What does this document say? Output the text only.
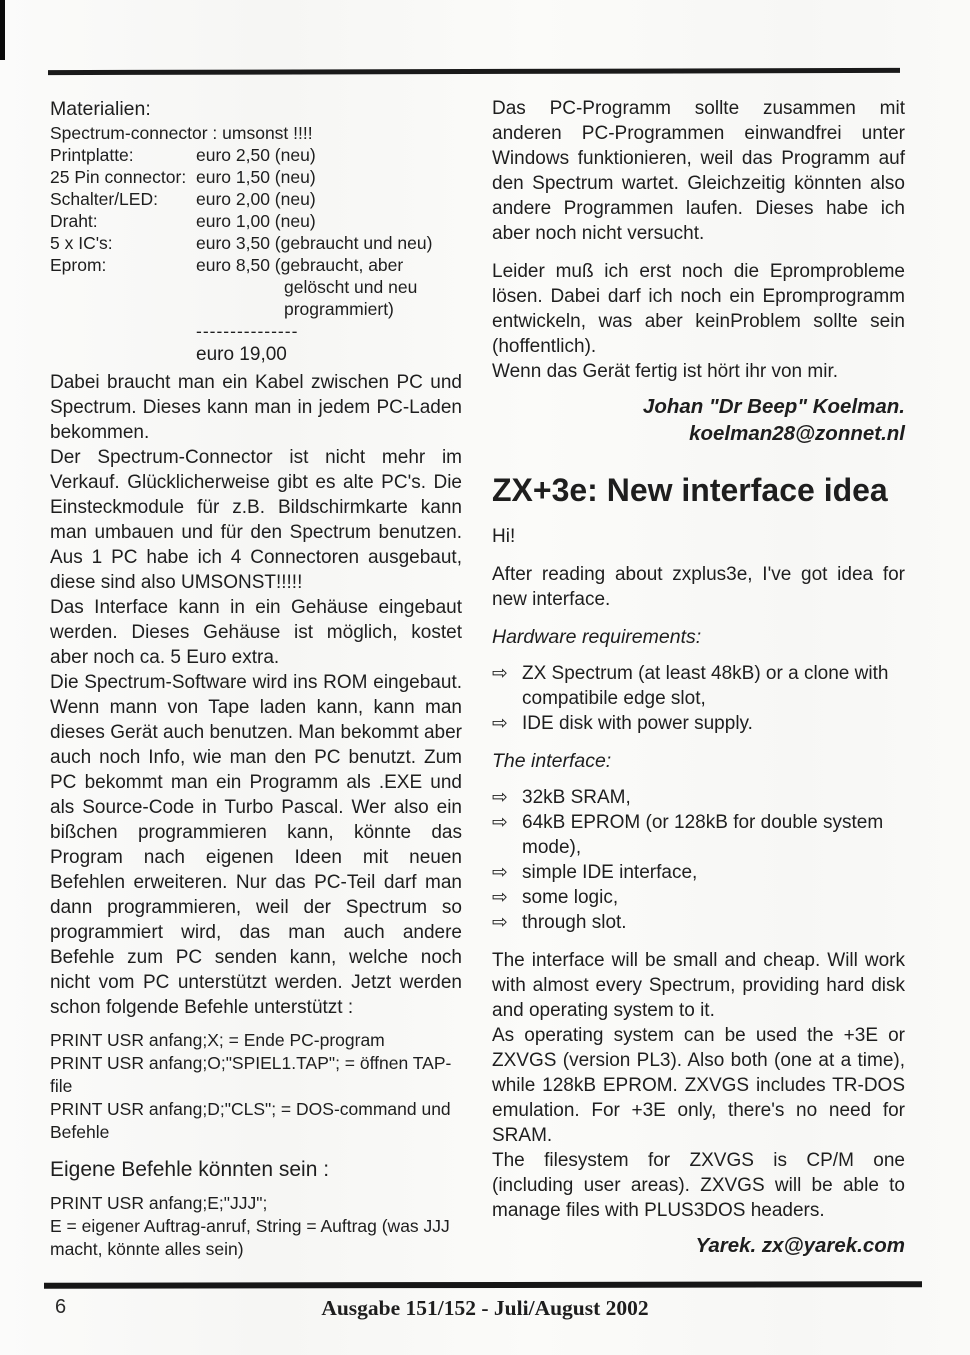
Materialien:
Spectrum-connector : umsonst !!!!
Printplatte:	euro 2,50 (neu)
25 Pin connector: euro 1,50 (neu)
Schalter/LED:	euro 2,00 (neu)
Draht:	euro 1,00 (neu)
5 x IC's:	euro 3,50 (gebraucht und neu)
Eprom:	euro 8,50 (gebraucht, aber gelöscht und neu programmiert)
---------------
euro 19,00

Dabei braucht man ein Kabel zwischen PC und Spectrum. Dieses kann man in jedem PC-Laden bekommen.

Der Spectrum-Connector ist nicht mehr im Verkauf. Glücklicherweise gibt es alte PC's. Die Einsteckmodule für z.B. Bildschirmkarte kann man umbauen und für den Spectrum benutzen. Aus 1 PC habe ich 4 Connectoren ausgebaut, diese sind also UMSONST!!!!!

Das Interface kann in ein Gehäuse eingebaut werden. Dieses Gehäuse ist möglich, kostet aber noch ca. 5 Euro extra.

Die Spectrum-Software wird ins ROM eingebaut. Wenn mann von Tape laden kann, kann man dieses Gerät auch benutzen. Man bekommt aber auch noch Info, wie man den PC benutzt. Zum PC bekommt man ein Programm als .EXE und als Source-Code in Turbo Pascal. Wer also ein bißchen programmieren kann, könnte das Program nach eigenen Ideen mit neuen Befehlen erweiteren. Nur das PC-Teil darf man dann programmieren, weil der Spectrum so programmiert wird, das man auch andere Befehle zum PC senden kann, welche noch nicht vom PC unterstützt werden. Jetzt werden schon folgende Befehle unterstützt :

PRINT USR anfang;X; = Ende PC-program

PRINT USR anfang;O;"SPIEL1.TAP"; = öffnen TAP-file

PRINT USR anfang;D;"CLS"; = DOS-command und Befehle

Eigene Befehle könnten sein :

PRINT USR anfang;E;"JJJ";

E = eigener Auftrag-anruf, String = Auftrag (was JJJ macht, könnte alles sein)

Das PC-Programm sollte zusammen mit anderen PC-Programmen einwandfrei unter Windows funktionieren, weil das Programm auf den Spectrum wartet. Gleichzeitig könnten also andere Programmen laufen. Dieses habe ich aber noch nicht versucht.

Leider muß ich erst noch die Epromprobleme lösen. Dabei darf ich noch ein Epromprogramm entwickeln, was aber keinProblem sollte sein (hoffentlich).

Wenn das Gerät fertig ist hört ihr von mir.

Johan "Dr Beep" Koelman.
koelman28@zonnet.nl
ZX+3e: New interface idea

Hi!

After reading about zxplus3e, I've got idea for new interface.

Hardware requirements:

⇨ ZX Spectrum (at least 48kB) or a clone with compatibile edge slot,
⇨ IDE disk with power supply.

The interface:

⇨ 32kB SRAM,
⇨ 64kB EPROM (or 128kB for double system mode),
⇨ simple IDE interface,
⇨ some logic,
⇨ through slot.

The interface will be small and cheap. Will work with almost every Spectrum, providing hard disk and operating system to it.

As operating system can be used the +3E or ZXVGS (version PL3). Also both (one at a time), while 128kB EPROM. ZXVGS includes TR-DOS emulation. For +3E only, there's no need for SRAM.

The filesystem for ZXVGS is CP/M one (including user areas). ZXVGS will be able to manage files with PLUS3DOS headers.

Yarek. zx@yarek.com
6	Ausgabe 151/152 - Juli/August 2002
